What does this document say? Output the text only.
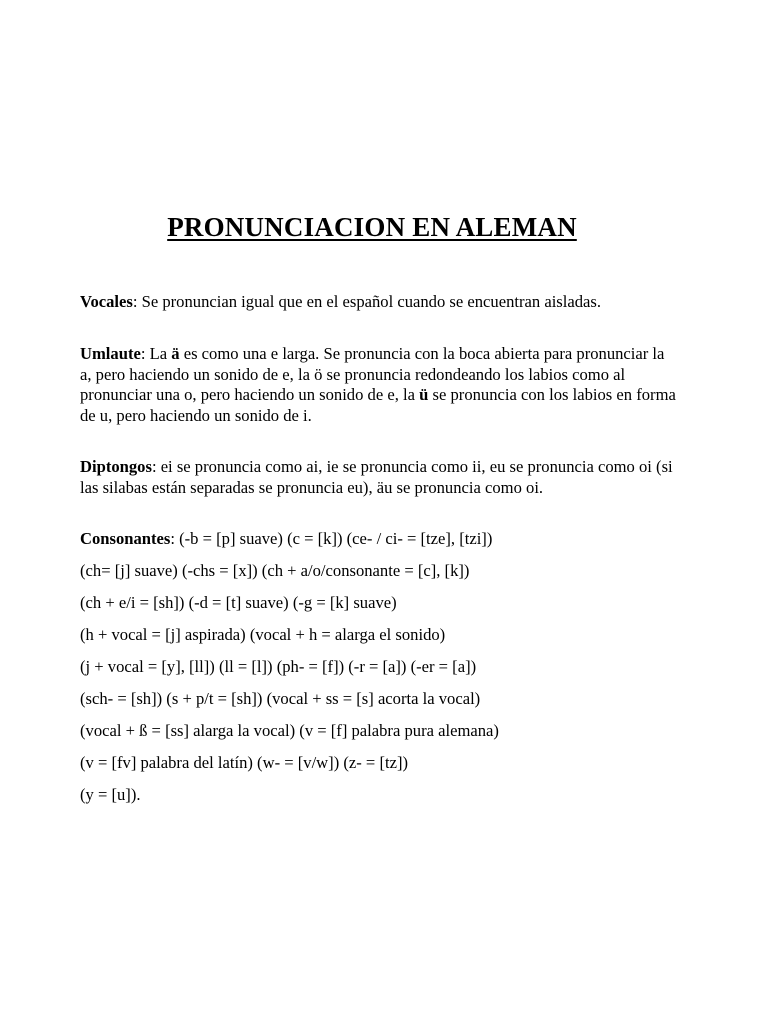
PRONUNCIACION EN ALEMAN

Vocales: Se pronuncian igual que en el español cuando se encuentran aisladas.

Umlaute: La ä es como una e larga. Se pronuncia con la boca abierta para pronunciar la a, pero haciendo un sonido de e, la ö se pronuncia redondeando los labios como al pronunciar una o, pero haciendo un sonido de e, la ü se pronuncia con los labios en forma de u, pero haciendo un sonido de i.

Diptongos: ei se pronuncia como ai, ie se pronuncia como ii, eu se pronuncia como oi (si las silabas están separadas se pronuncia eu), äu se pronuncia como oi.

Consonantes: (-b = [p] suave) (c = [k]) (ce- / ci- = [tze], [tzi])

(ch= [j] suave) (-chs = [x]) (ch + a/o/consonante = [c], [k])

(ch + e/i = [sh]) (-d = [t] suave) (-g = [k] suave)

(h + vocal = [j] aspirada) (vocal + h = alarga el sonido)

(j + vocal = [y], [ll]) (ll = [l]) (ph- = [f]) (-r = [a]) (-er = [a])

(sch- = [sh]) (s + p/t = [sh]) (vocal + ss = [s] acorta la vocal)

(vocal + ß = [ss] alarga la vocal) (v = [f] palabra pura alemana)

(v = [fv] palabra del latín) (w- = [v/w]) (z- = [tz])

(y = [u]).
